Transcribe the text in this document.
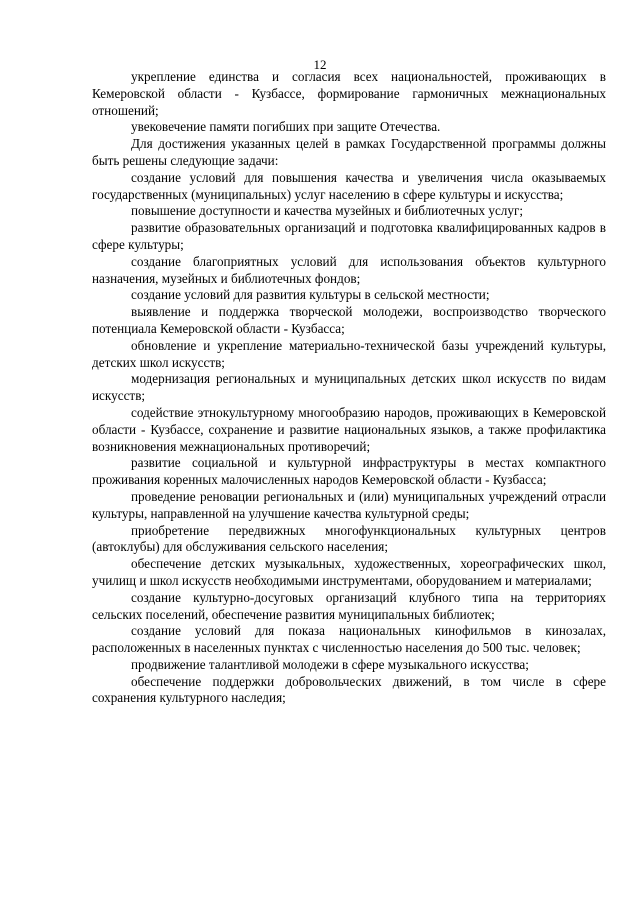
12

укрепление единства и согласия всех национальностей, проживающих в Кемеровской области - Кузбассе, формирование гармоничных межнациональных отношений;

увековечение памяти погибших при защите Отечества.

Для достижения указанных целей в рамках Государственной программы должны быть решены следующие задачи:

создание условий для повышения качества и увеличения числа оказываемых государственных (муниципальных) услуг населению в сфере культуры и искусства;

повышение доступности и качества музейных и библиотечных услуг;

развитие образовательных организаций и подготовка квалифицированных кадров в сфере культуры;

создание благоприятных условий для использования объектов культурного назначения, музейных и библиотечных фондов;

создание условий для развития культуры в сельской местности;

выявление и поддержка творческой молодежи, воспроизводство творческого потенциала Кемеровской области - Кузбасса;

обновление и укрепление материально-технической базы учреждений культуры, детских школ искусств;

модернизация региональных и муниципальных детских школ искусств по видам искусств;

содействие этнокультурному многообразию народов, проживающих в Кемеровской области - Кузбассе, сохранение и развитие национальных языков, а также профилактика возникновения межнациональных противоречий;

развитие социальной и культурной инфраструктуры в местах компактного проживания коренных малочисленных народов Кемеровской области - Кузбасса;

проведение реновации региональных и (или) муниципальных учреждений отрасли культуры, направленной на улучшение качества культурной среды;

приобретение передвижных многофункциональных культурных центров (автоклубы) для обслуживания сельского населения;

обеспечение детских музыкальных, художественных, хореографических школ, училищ и школ искусств необходимыми инструментами, оборудованием и материалами;

создание культурно-досуговых организаций клубного типа на территориях сельских поселений, обеспечение развития муниципальных библиотек;

создание условий для показа национальных кинофильмов в кинозалах, расположенных в населенных пунктах с численностью населения до 500 тыс. человек;

продвижение талантливой молодежи в сфере музыкального искусства;

обеспечение поддержки добровольческих движений, в том числе в сфере сохранения культурного наследия;
